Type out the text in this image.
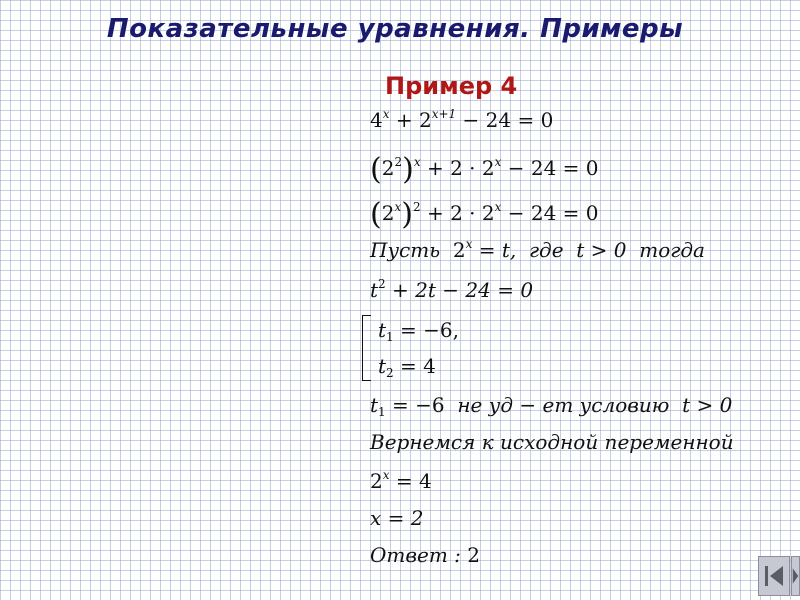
Показательные уравнения. Примеры
Пример 4
$4^x + 2^{x+1} - 24 = 0$
$(2^2)^x + 2 \cdot 2^x - 24 = 0$
$(2^x)^2 + 2 \cdot 2^x - 24 = 0$
Пусть $2^x = t$, где t > 0 тогда
$t^2 + 2t - 24 = 0$
$t_1 = -6$,
$t_2 = 4$
$t_1 = -6$ не уд − ет условию t > 0
Вернемся к исходной переменной
$2^x = 4$
x = 2
Ответ : 2
